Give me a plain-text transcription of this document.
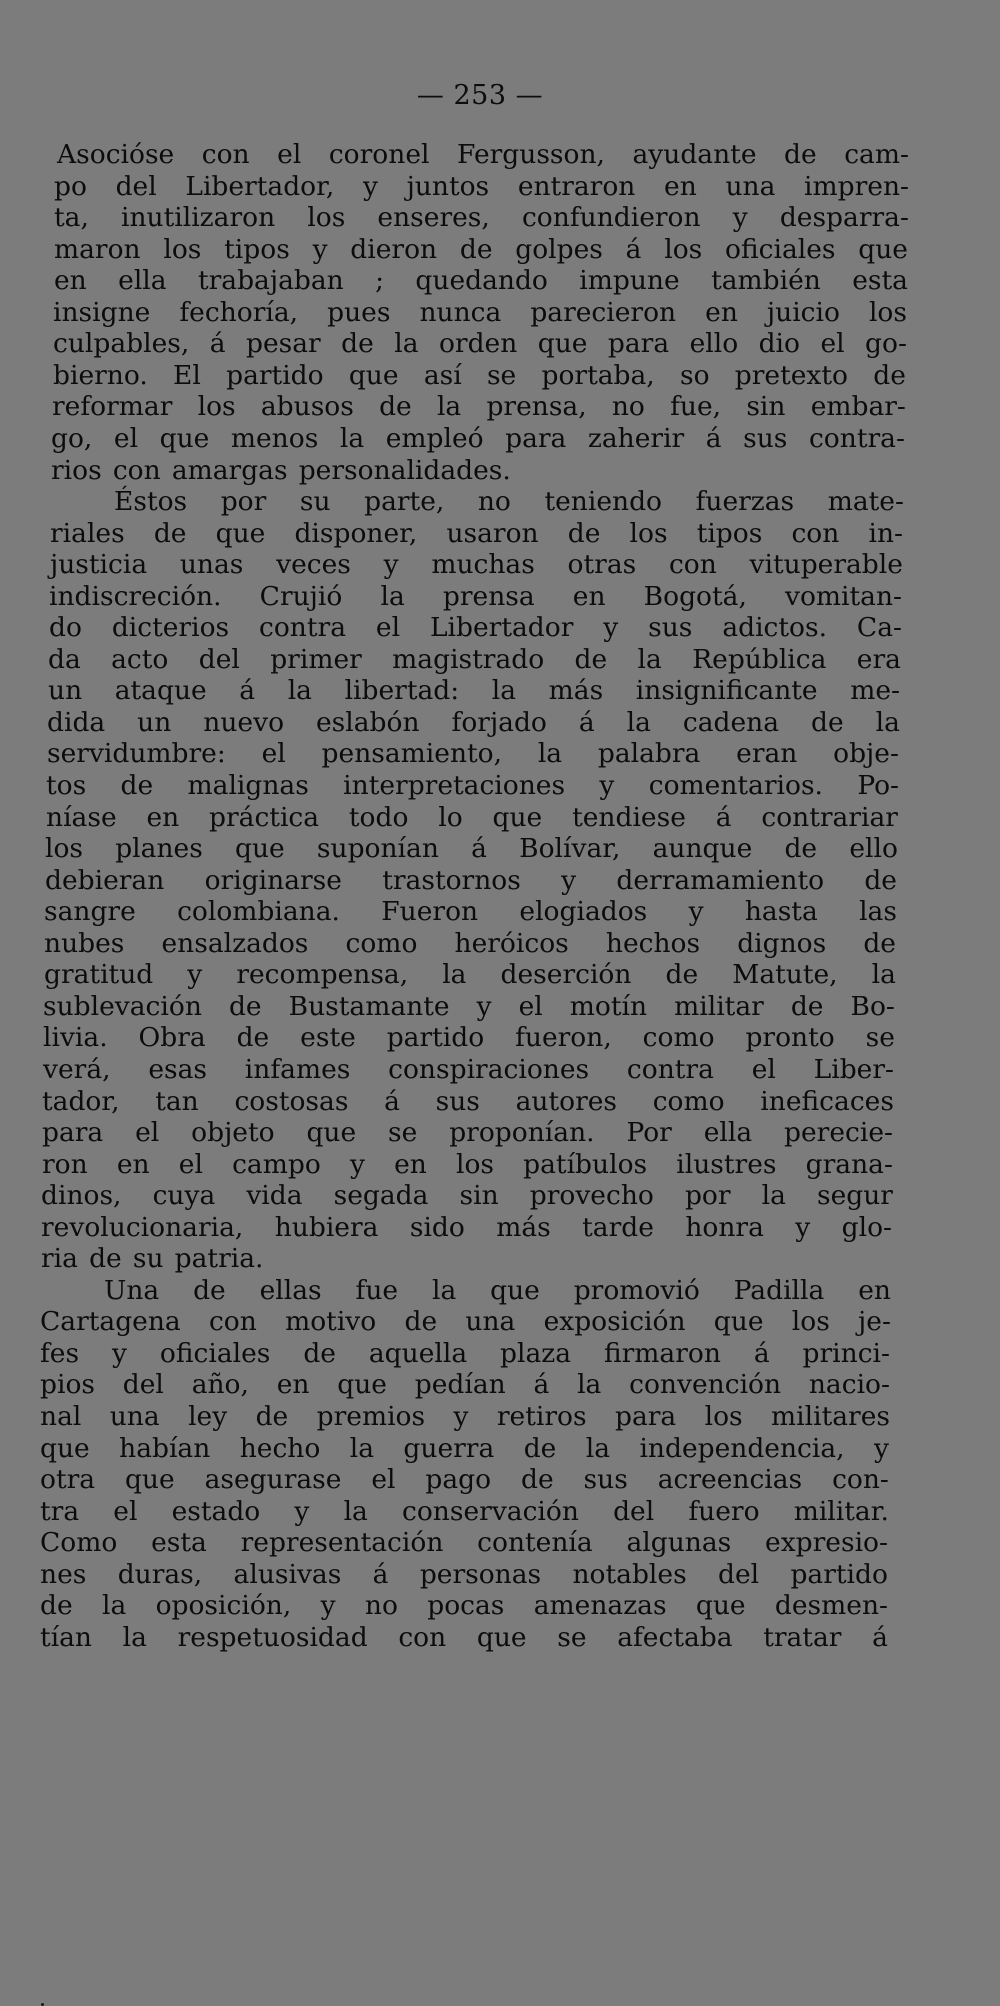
— 253 —
Asocióse con el coronel Fergusson, ayudante de cam-
po del Libertador, y juntos entraron en una impren-
ta, inutilizaron los enseres, confundieron y desparra-
maron los tipos y dieron de golpes á los oficiales que
en ella trabajaban ; quedando impune también esta
insigne fechoría, pues nunca parecieron en juicio los
culpables, á pesar de la orden que para ello dio el go-
bierno. El partido que así se portaba, so pretexto de
reformar los abusos de la prensa, no fue, sin embar-
go, el que menos la empleó para zaherir á sus contra-
rios con amargas personalidades.
Éstos por su parte, no teniendo fuerzas mate-
riales de que disponer, usaron de los tipos con in-
justicia unas veces y muchas otras con vituperable
indiscreción. Crujió la prensa en Bogotá, vomitan-
do dicterios contra el Libertador y sus adictos. Ca-
da acto del primer magistrado de la República era
un ataque á la libertad: la más insignificante me-
dida un nuevo eslabón forjado á la cadena de la
servidumbre: el pensamiento, la palabra eran obje-
tos de malignas interpretaciones y comentarios. Po-
níase en práctica todo lo que tendiese á contrariar
los planes que suponían á Bolívar, aunque de ello
debieran originarse trastornos y derramamiento de
sangre colombiana. Fueron elogiados y hasta las
nubes ensalzados como heróicos hechos dignos de
gratitud y recompensa, la deserción de Matute, la
sublevación de Bustamante y el motín militar de Bo-
livia. Obra de este partido fueron, como pronto se
verá, esas infames conspiraciones contra el Liber-
tador, tan costosas á sus autores como ineficaces
para el objeto que se proponían. Por ella perecie-
ron en el campo y en los patíbulos ilustres grana-
dinos, cuya vida segada sin provecho por la segur
revolucionaria, hubiera sido más tarde honra y glo-
ria de su patria.
Una de ellas fue la que promovió Padilla en
Cartagena con motivo de una exposición que los je-
fes y oficiales de aquella plaza firmaron á princi-
pios del año, en que pedían á la convención nacio-
nal una ley de premios y retiros para los militares
que habían hecho la guerra de la independencia, y
otra que asegurase el pago de sus acreencias con-
tra el estado y la conservación del fuero militar.
Como esta representación contenía algunas expresio-
nes duras, alusivas á personas notables del partido
de la oposición, y no pocas amenazas que desmen-
tían la respetuosidad con que se afectaba tratar á
